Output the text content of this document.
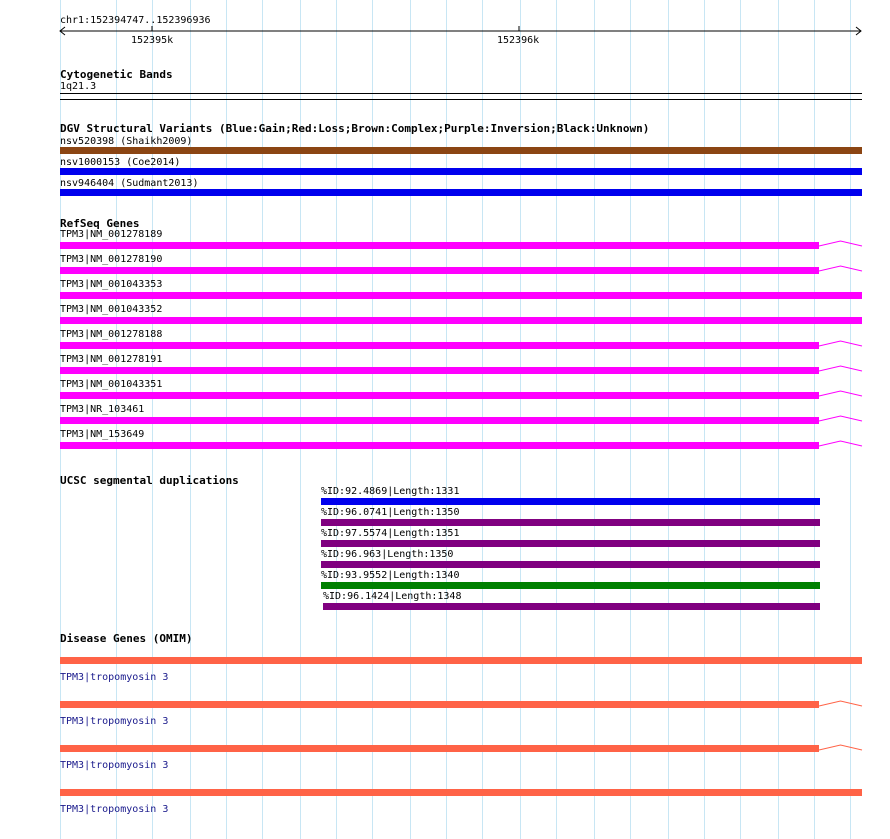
chr1:152394747..152396936
152395k	152396k
Cytogenetic Bands
1q21.3
DGV Structural Variants (Blue:Gain;Red:Loss;Brown:Complex;Purple:Inversion;Black:Unknown)
nsv520398 (Shaikh2009)
nsv1000153 (Coe2014)
nsv946404 (Sudmant2013)
RefSeq Genes
TPM3|NM_001278189
TPM3|NM_001278190
TPM3|NM_001043353
TPM3|NM_001043352
TPM3|NM_001278188
TPM3|NM_001278191
TPM3|NM_001043351
TPM3|NR_103461
TPM3|NM_153649
UCSC segmental duplications
%ID:92.4869|Length:1331
%ID:96.0741|Length:1350
%ID:97.5574|Length:1351
%ID:96.963|Length:1350
%ID:93.9552|Length:1340
%ID:96.1424|Length:1348
Disease Genes (OMIM)
TPM3|tropomyosin 3
TPM3|tropomyosin 3
TPM3|tropomyosin 3
TPM3|tropomyosin 3
